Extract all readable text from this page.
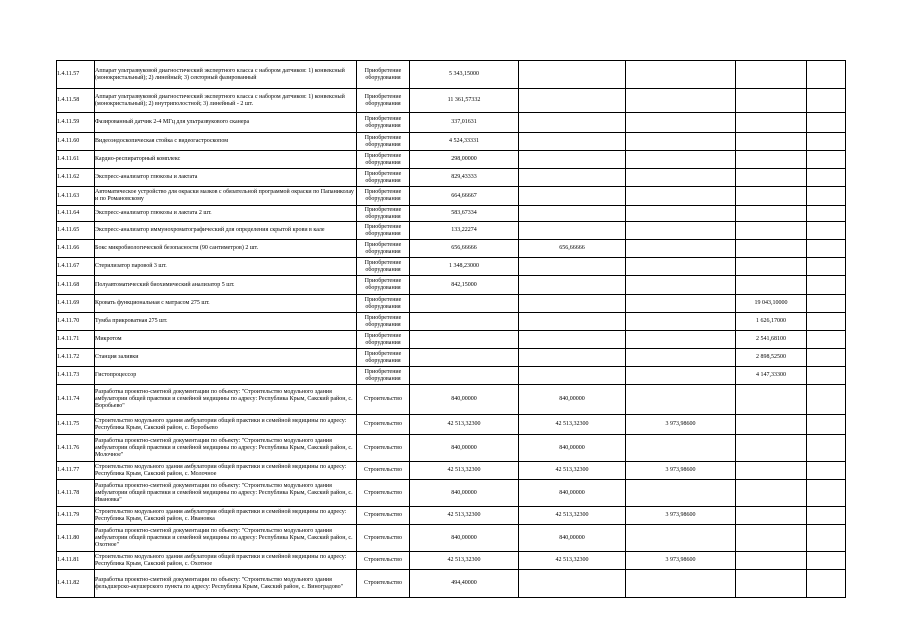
1.4.11.57	Аппарат ультразвуковой диагностический экспертного класса с набором датчиков: 1) конвексный (монокристальный); 2) линейный; 3) секторный фазированный	Приобретение оборудования	5 343,15000				
1.4.11.58	Аппарат ультразвуковой диагностический экспертного класса с набором датчиков: 1) конвексный (монокристальный); 2) внутриполостной; 3) линейный - 2 шт.	Приобретение оборудования	11 361,57332				
1.4.11.59	Фазированный датчик 2-4 МГц для ультразвукового сканера	Приобретение оборудования	337,01631				
1.4.11.60	Видеоэндоскопическая стойка с видеогастроскопом	Приобретение оборудования	4 524,33331				
1.4.11.61	Кардио-респираторный комплекс	Приобретение оборудования	298,00000				
1.4.11.62	Экспресс-анализатор глюкозы и лактата	Приобретение оборудования	829,43333				
1.4.11.63	Автоматическое устройство для окраски мазков с обязательной программой окраски по Папаниколау и по Романовскому	Приобретение оборудования	664,66667				
1.4.11.64	Экспресс-анализатор глюкозы и лактата 2 шт.	Приобретение оборудования	583,67334				
1.4.11.65	Экспресс-анализатор иммунохроматографический для определения скрытой крови в кале	Приобретение оборудования	133,22274				
1.4.11.66	Бокс микробиологической безопасности (90 сантиметров) 2 шт.	Приобретение оборудования	656,66666	656,66666			
1.4.11.67	Стерилизатор паровой 3 шт.	Приобретение оборудования	1 348,23000				
1.4.11.68	Полуавтоматический биохимический анализатор 5 шт.	Приобретение оборудования	842,15000				
1.4.11.69	Кровать функциональная с матрасом 275 шт.	Приобретение оборудования				19 043,10000	
1.4.11.70	Тумба прикроватная 275 шт.	Приобретение оборудования				1 626,17000	
1.4.11.71	Микротом	Приобретение оборудования				2 541,68100	
1.4.11.72	Станция заливки	Приобретение оборудования				2 898,52500	
1.4.11.73	Гистопроцессор	Приобретение оборудования				4 147,33300	
1.4.11.74	Разработка проектно-сметной документации по объекту: "Строительство модульного здания амбулатории общей практики и семейной медицины по адресу: Республика Крым, Сакский район, с. Воробьево"	Строительство	840,00000	840,00000			
1.4.11.75	Строительство модульного здания амбулатории общей практики и семейной медицины по адресу: Республика Крым, Сакский район, с. Воробьево	Строительство	42 513,32300	42 513,32300	3 973,98600		
1.4.11.76	Разработка проектно-сметной документации по объекту: "Строительство модульного здания амбулатории общей практики и семейной медицины по адресу: Республика Крым, Сакский район, с. Молочное"	Строительство	840,00000	840,00000			
1.4.11.77	Строительство модульного здания амбулатории общей практики и семейной медицины по адресу: Республика Крым, Сакский район, с. Молочное	Строительство	42 513,32300	42 513,32300	3 973,98600		
1.4.11.78	Разработка проектно-сметной документации по объекту: "Строительство модульного здания амбулатории общей практики и семейной медицины по адресу: Республика Крым, Сакский район, с. Ивановка"	Строительство	840,00000	840,00000			
1.4.11.79	Строительство модульного здания амбулатории общей практики и семейной медицины по адресу: Республика Крым, Сакский район, с. Ивановка	Строительство	42 513,32300	42 513,32300	3 973,98600		
1.4.11.80	Разработка проектно-сметной документации по объекту: "Строительство модульного здания амбулатории общей практики и семейной медицины по адресу: Республика Крым, Сакский район, с. Охотное"	Строительство	840,00000	840,00000			
1.4.11.81	Строительство модульного здания амбулатории общей практики и семейной медицины по адресу: Республика Крым, Сакский район, с. Охотное	Строительство	42 513,32300	42 513,32300	3 973,98600		
1.4.11.82	Разработка проектно-сметной документации по объекту: "Строительство модульного здания фельдшерско-акушерского пункта по адресу: Республика Крым, Сакский район, с. Виноградово"	Строительство	494,40000				
